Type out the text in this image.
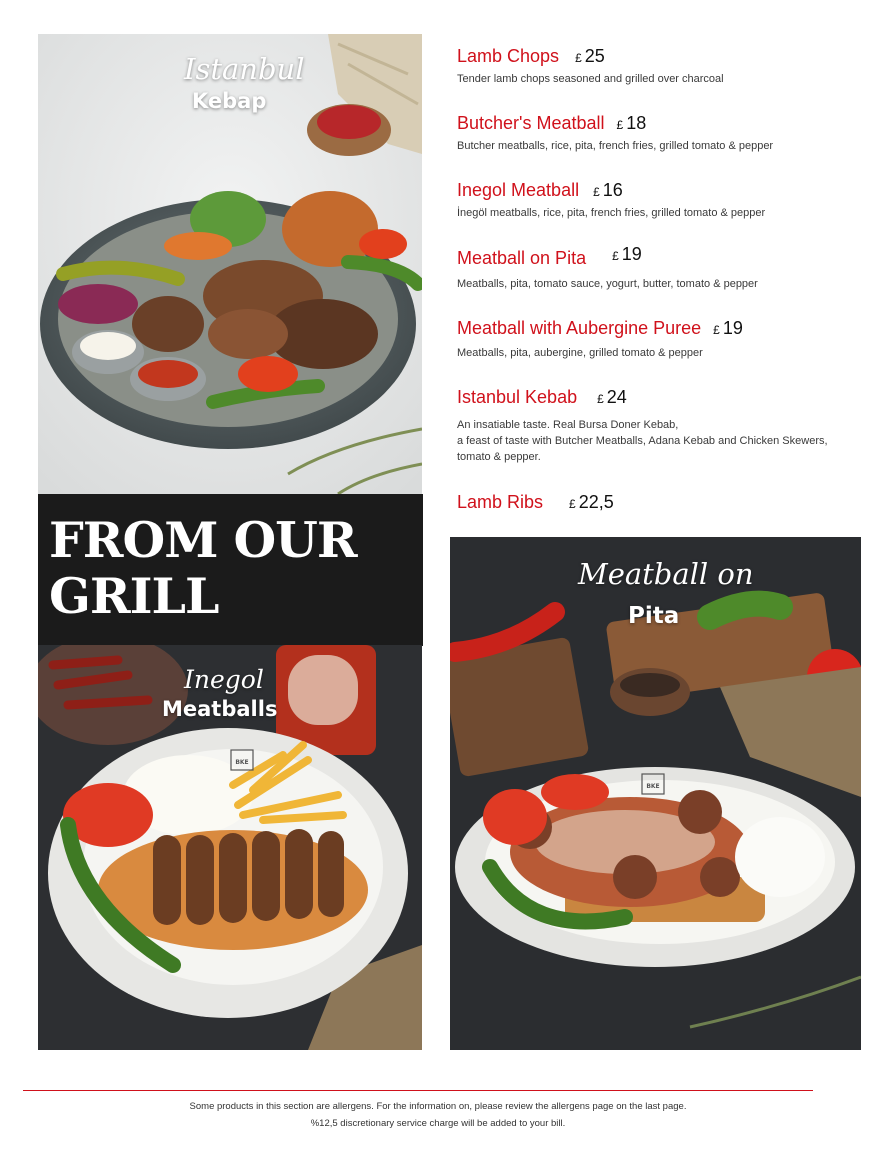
Istanbul
Kebap
FROM OUR
GRILL
BKE
Inegol
Meatballs
BKE
Meatball on
Pita
Lamb Chops £ 25
Tender lamb chops seasoned and grilled over charcoal
Butcher's Meatball £ 18
Butcher meatballs, rice, pita, french fries, grilled tomato & pepper
Inegol Meatball £ 16
İnegöl meatballs, rice, pita, french fries, grilled tomato & pepper
Meatball on Pita £ 19
Meatballs, pita, tomato sauce, yogurt, butter, tomato & pepper
Meatball with Aubergine Puree £ 19
Meatballs, pita, aubergine, grilled tomato & pepper
Istanbul Kebab £ 24
An insatiable taste. Real Bursa Doner Kebab,
a feast of taste with Butcher Meatballs, Adana Kebab and Chicken Skewers,
tomato & pepper.
Lamb Ribs £ 22,5
Some products in this section are allergens. For the information on, please review the allergens page on the last page.
%12,5 discretionary service charge will be added to your bill.
